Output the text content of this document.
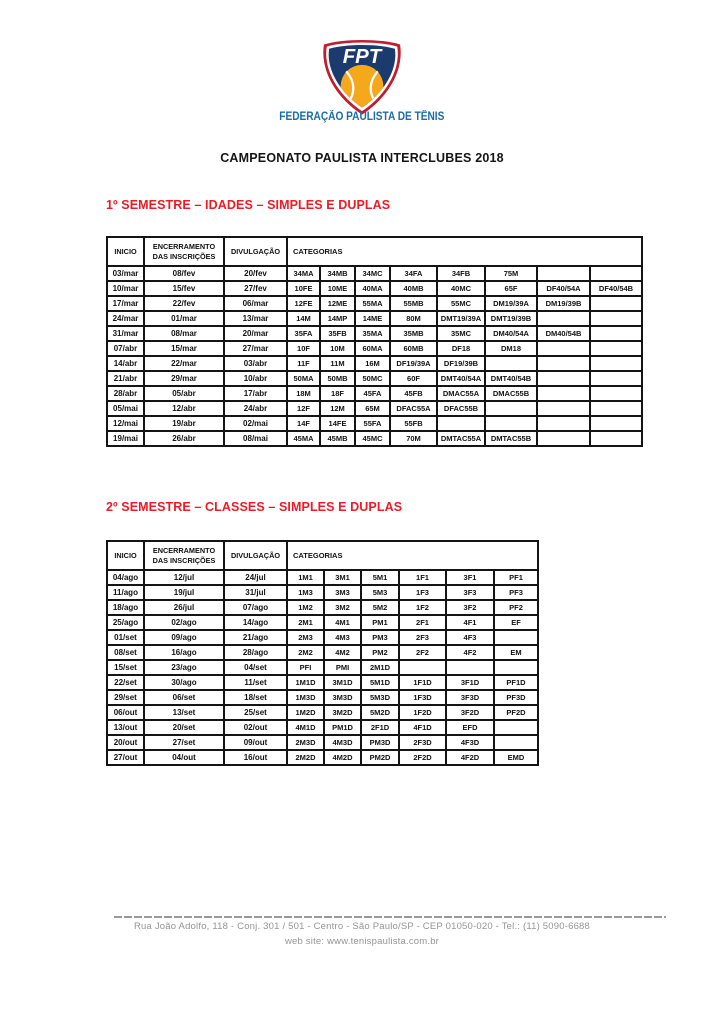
FPT
FEDERAÇÃO PAULISTA DE TÊNIS
CAMPEONATO PAULISTA INTERCLUBES 2018
1º SEMESTRE – IDADES – SIMPLES E DUPLAS
INICIO	ENCERRAMENTO DAS INSCRIÇÕES	DIVULGAÇÃO	CATEGORIAS							
03/mar	08/fev	20/fev	34MA	34MB	34MC	34FA	34FB	75M		
10/mar	15/fev	27/fev	10FE	10ME	40MA	40MB	40MC	65F	DF40/54A	DF40/54B
17/mar	22/fev	06/mar	12FE	12ME	55MA	55MB	55MC	DM19/39A	DM19/39B	
24/mar	01/mar	13/mar	14M	14MP	14ME	80M	DMT19/39A	DMT19/39B		
31/mar	08/mar	20/mar	35FA	35FB	35MA	35MB	35MC	DM40/54A	DM40/54B	
07/abr	15/mar	27/mar	10F	10M	60MA	60MB	DF18	DM18		
14/abr	22/mar	03/abr	11F	11M	16M	DF19/39A	DF19/39B			
21/abr	29/mar	10/abr	50MA	50MB	50MC	60F	DMT40/54A	DMT40/54B		
28/abr	05/abr	17/abr	18M	18F	45FA	45FB	DMAC55A	DMAC55B		
05/mai	12/abr	24/abr	12F	12M	65M	DFAC55A	DFAC55B			
12/mai	19/abr	02/mai	14F	14FE	55FA	55FB				
19/mai	26/abr	08/mai	45MA	45MB	45MC	70M	DMTAC55A	DMTAC55B		
2º SEMESTRE – CLASSES – SIMPLES E DUPLAS
INICIO	ENCERRAMENTO DAS INSCRIÇÕES	DIVULGAÇÃO	CATEGORIAS					
04/ago	12/jul	24/jul	1M1	3M1	5M1	1F1	3F1	PF1
11/ago	19/jul	31/jul	1M3	3M3	5M3	1F3	3F3	PF3
18/ago	26/jul	07/ago	1M2	3M2	5M2	1F2	3F2	PF2
25/ago	02/ago	14/ago	2M1	4M1	PM1	2F1	4F1	EF
01/set	09/ago	21/ago	2M3	4M3	PM3	2F3	4F3	
08/set	16/ago	28/ago	2M2	4M2	PM2	2F2	4F2	EM
15/set	23/ago	04/set	PFI	PMI	2M1D			
22/set	30/ago	11/set	1M1D	3M1D	5M1D	1F1D	3F1D	PF1D
29/set	06/set	18/set	1M3D	3M3D	5M3D	1F3D	3F3D	PF3D
06/out	13/set	25/set	1M2D	3M2D	5M2D	1F2D	3F2D	PF2D
13/out	20/set	02/out	4M1D	PM1D	2F1D	4F1D	EFD	
20/out	27/set	09/out	2M3D	4M3D	PM3D	2F3D	4F3D	
27/out	04/out	16/out	2M2D	4M2D	PM2D	2F2D	4F2D	EMD
Rua João Adolfo, 118 - Conj. 301 / 501 - Centro - São Paulo/SP - CEP 01050-020 - Tel.: (11) 5090-6688
web site: www.tenispaulista.com.br
